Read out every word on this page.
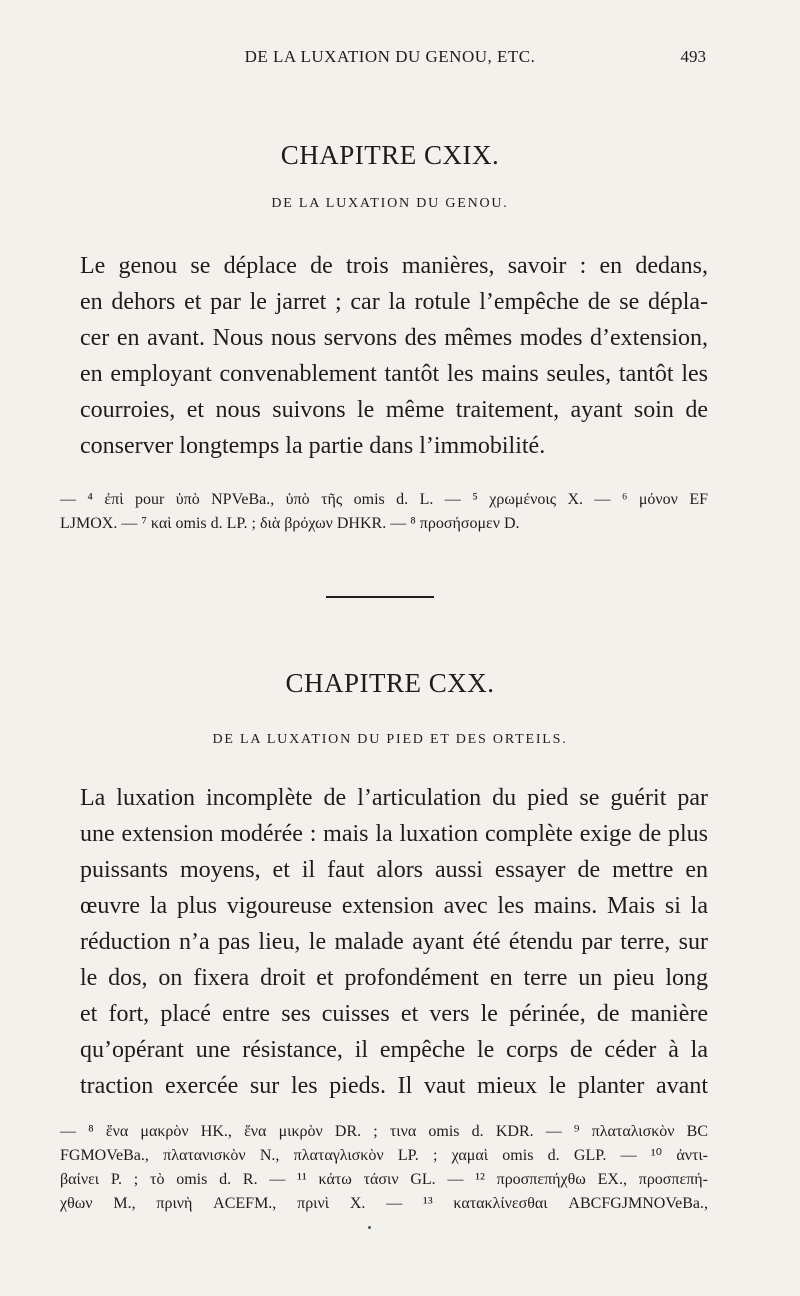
DE LA LUXATION DU GENOU, ETC.	493
CHAPITRE CXIX.
DE LA LUXATION DU GENOU.
Le genou se déplace de trois manières, savoir : en dedans,
en dehors et par le jarret ; car la rotule l’empêche de se dépla-
cer en avant. Nous nous servons des mêmes modes d’extension,
en employant convenablement tantôt les mains seules, tantôt les
courroies, et nous suivons le même traitement, ayant soin de
conserver longtemps la partie dans l’immobilité.
— ⁴ ἐπὶ pour ὑπὸ NPVeBa., ὑπὸ τῆς omis d. L. — ⁵ χρωμένοις X. — ⁶ μόνον EF
LJMOX. — ⁷ καὶ omis d. LP. ; διὰ βρόχων DHKR. — ⁸ προσήσομεν D.
CHAPITRE CXX.
DE LA LUXATION DU PIED ET DES ORTEILS.
La luxation incomplète de l’articulation du pied se guérit par
une extension modérée : mais la luxation complète exige de plus
puissants moyens, et il faut alors aussi essayer de mettre en
œuvre la plus vigoureuse extension avec les mains. Mais si la
réduction n’a pas lieu, le malade ayant été étendu par terre, sur
le dos, on fixera droit et profondément en terre un pieu long
et fort, placé entre ses cuisses et vers le périnée, de manière
qu’opérant une résistance, il empêche le corps de céder à la
traction exercée sur les pieds. Il vaut mieux le planter avant
— ⁸ ἕνα μακρὸν HK., ἕνα μικρὸν DR. ; τινα omis d. KDR. — ⁹ πλαταλισκὸν BC
FGMOVeBa., πλατανισκὸν N., πλαταγλισκὸν LP. ; χαμαὶ omis d. GLP. — ¹⁰ ἀντι-
βαίνει P. ; τὸ omis d. R. — ¹¹ κάτω τάσιν GL. — ¹² προσπεπήχθω EX., προσπεπή-
χθων M., πρινὴ ACEFM., πρινὶ X. — ¹³ κατακλίνεσθαι ABCFGJMNOVeBa.,
